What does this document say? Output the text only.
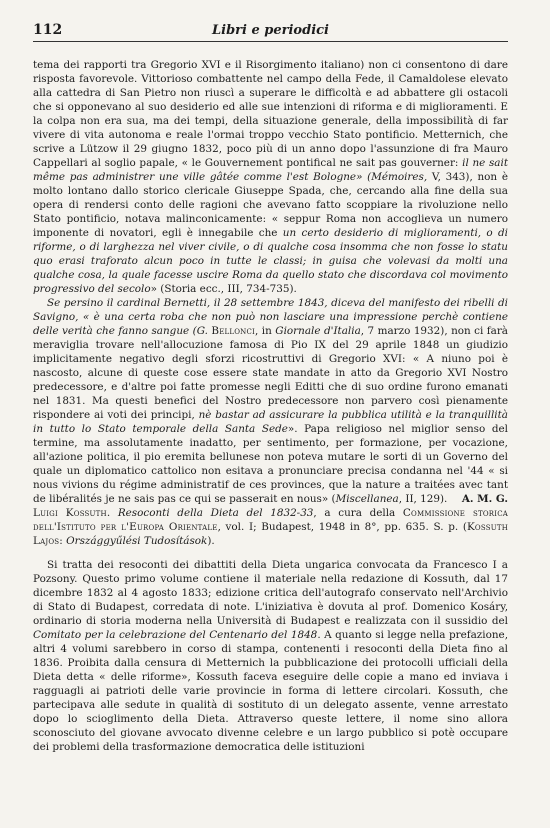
112	Libri e periodici

tema dei rapporti tra Gregorio XVI e il Risorgimento italiano) non ci consentono di dare risposta favorevole. Vittorioso combattente nel campo della Fede, il Camaldolese elevato alla cattedra di San Pietro non riuscì a superare le difficoltà e ad abbattere gli ostacoli che si opponevano al suo desiderio ed alle sue intenzioni di riforma e di miglioramenti. E la colpa non era sua, ma dei tempi, della situazione generale, della impossibilità di far vivere di vita autonoma e reale l'ormai troppo vecchio Stato pontificio. Metternich, che scrive a Lützow il 29 giugno 1832, poco più di un anno dopo l'assunzione di fra Mauro Cappellari al soglio papale, « le Gouvernement pontifical ne sait pas gouverner: il ne sait même pas administrer une ville gâtée comme l'est Bologne» (Mémoires, V, 343), non è molto lontano dallo storico clericale Giuseppe Spada, che, cercando alla fine della sua opera di rendersi conto delle ragioni che avevano fatto scoppiare la rivoluzione nello Stato pontificio, notava malinconicamente: « seppur Roma non accoglieva un numero imponente di novatori, egli è innegabile che un certo desiderio di miglioramenti, o di riforme, o di larghezza nel viver civile, o di qualche cosa insomma che non fosse lo statu quo erasi traforato alcun poco in tutte le classi; in guisa che volevasi da molti una qualche cosa, la quale facesse uscire Roma da quello stato che discordava col movimento progressivo del secolo» (Storia ecc., III, 734-735).

Se persino il cardinal Bernetti, il 28 settembre 1843, diceva del manifesto dei ribelli di Savigno, « è una certa roba che non può non lasciare una impressione perchè contiene delle verità che fanno sangue (G. Bellonci, in Giornale d'Italia, 7 marzo 1932), non ci farà meraviglia trovare nell'allocuzione famosa di Pio IX del 29 aprile 1848 un giudizio implicitamente negativo degli sforzi ricostruttivi di Gregorio XVI: « A niuno poi è nascosto, alcune di queste cose essere state mandate in atto da Gregorio XVI Nostro predecessore, e d'altre poi fatte promesse negli Editti che di suo ordine furono emanati nel 1831. Ma questi benefici del Nostro predecessore non parvero così pienamente rispondere ai voti dei principi, nè bastar ad assicurare la pubblica utilità e la tranquillità in tutto lo Stato temporale della Santa Sede». Papa religioso nel miglior senso del termine, ma assolutamente inadatto, per sentimento, per formazione, per vocazione, all'azione politica, il pio eremita bellunese non poteva mutare le sorti di un Governo del quale un diplomatico cattolico non esitava a pronunciare precisa condanna nel '44 « si nous vivions du régime administratif de ces provinces, que la nature a traitées avec tant de libéralités je ne sais pas ce qui se passerait en nous» (Miscellanea, II, 129).	A. M. G.

Luigi Kossuth. Resoconti della Dieta del 1832-33, a cura della Commissione storica dell'Istituto per l'Europa Orientale, vol. I; Budapest, 1948 in 8°, pp. 635. S. p. (Kossuth Lajos: Országgyűlési Tudosítások).

Si tratta dei resoconti dei dibattiti della Dieta ungarica convocata da Francesco I a Pozsony. Questo primo volume contiene il materiale nella redazione di Kossuth, dal 17 dicembre 1832 al 4 agosto 1833; edizione critica dell'autografo conservato nell'Archivio di Stato di Budapest, corredata di note. L'iniziativa è dovuta al prof. Domenico Kosáry, ordinario di storia moderna nella Università di Budapest e realizzata con il sussidio del Comitato per la celebrazione del Centenario del 1848. A quanto si legge nella prefazione, altri 4 volumi sarebbero in corso di stampa, contenenti i resoconti della Dieta fino al 1836. Proibita dalla censura di Metternich la pubblicazione dei protocolli ufficiali della Dieta detta « delle riforme», Kossuth faceva eseguire delle copie a mano ed inviava i ragguagli ai patrioti delle varie provincie in forma di lettere circolari. Kossuth, che partecipava alle sedute in qualità di sostituto di un delegato assente, venne arrestato dopo lo scioglimento della Dieta. Attraverso queste lettere, il nome sino allora sconosciuto del giovane avvocato divenne celebre e un largo pubblico si potè occupare dei problemi della trasformazione democratica delle istituzioni
